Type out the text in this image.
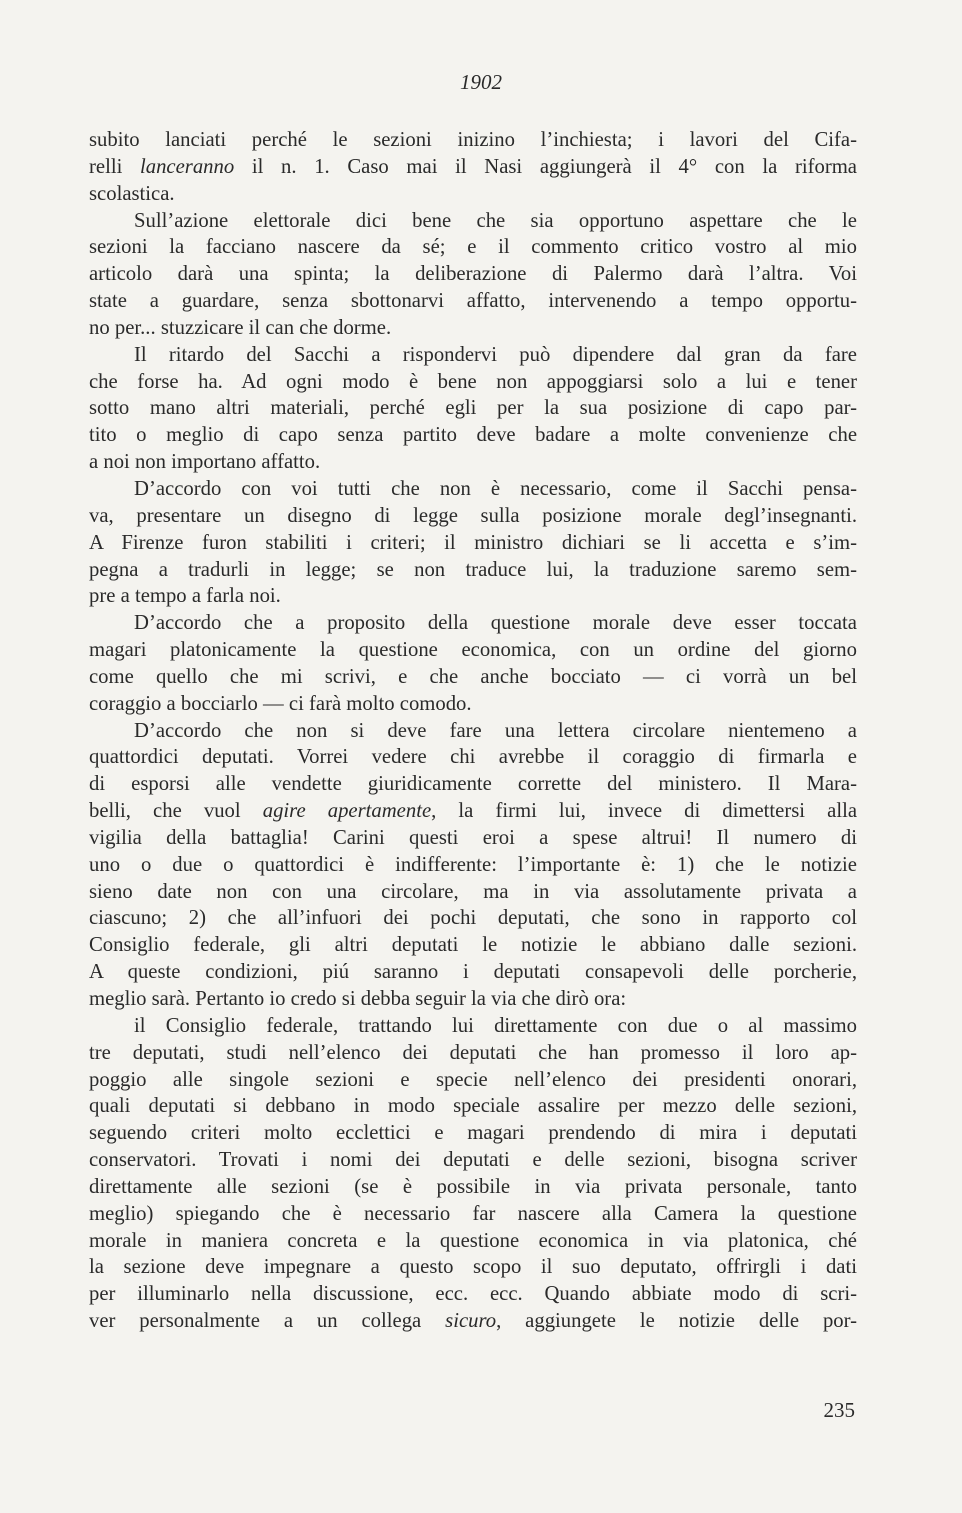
1902
subito lanciati perché le sezioni inizino l’inchiesta; i lavori del Cifa-
relli lanceranno il n. 1. Caso mai il Nasi aggiungerà il 4° con la riforma
scolastica.
Sull’azione elettorale dici bene che sia opportuno aspettare che le
sezioni la facciano nascere da sé; e il commento critico vostro al mio
articolo darà una spinta; la deliberazione di Palermo darà l’altra. Voi
state a guardare, senza sbottonarvi affatto, intervenendo a tempo opportu-
no per... stuzzicare il can che dorme.
Il ritardo del Sacchi a rispondervi può dipendere dal gran da fare
che forse ha. Ad ogni modo è bene non appoggiarsi solo a lui e tener
sotto mano altri materiali, perché egli per la sua posizione di capo par-
tito o meglio di capo senza partito deve badare a molte convenienze che
a noi non importano affatto.
D’accordo con voi tutti che non è necessario, come il Sacchi pensa-
va, presentare un disegno di legge sulla posizione morale degl’insegnanti.
A Firenze furon stabiliti i criteri; il ministro dichiari se li accetta e s’im-
pegna a tradurli in legge; se non traduce lui, la traduzione saremo sem-
pre a tempo a farla noi.
D’accordo che a proposito della questione morale deve esser toccata
magari platonicamente la questione economica, con un ordine del giorno
come quello che mi scrivi, e che anche bocciato — ci vorrà un bel
coraggio a bocciarlo — ci farà molto comodo.
D’accordo che non si deve fare una lettera circolare nientemeno a
quattordici deputati. Vorrei vedere chi avrebbe il coraggio di firmarla e
di esporsi alle vendette giuridicamente corrette del ministero. Il Mara-
belli, che vuol agire apertamente, la firmi lui, invece di dimettersi alla
vigilia della battaglia! Carini questi eroi a spese altrui! Il numero di
uno o due o quattordici è indifferente: l’importante è: 1) che le notizie
sieno date non con una circolare, ma in via assolutamente privata a
ciascuno; 2) che all’infuori dei pochi deputati, che sono in rapporto col
Consiglio federale, gli altri deputati le notizie le abbiano dalle sezioni.
A queste condizioni, piú saranno i deputati consapevoli delle porcherie,
meglio sarà. Pertanto io credo si debba seguir la via che dirò ora:
il Consiglio federale, trattando lui direttamente con due o al massimo
tre deputati, studi nell’elenco dei deputati che han promesso il loro ap-
poggio alle singole sezioni e specie nell’elenco dei presidenti onorari,
quali deputati si debbano in modo speciale assalire per mezzo delle sezioni,
seguendo criteri molto ecclettici e magari prendendo di mira i deputati
conservatori. Trovati i nomi dei deputati e delle sezioni, bisogna scriver
direttamente alle sezioni (se è possibile in via privata personale, tanto
meglio) spiegando che è necessario far nascere alla Camera la questione
morale in maniera concreta e la questione economica in via platonica, ché
la sezione deve impegnare a questo scopo il suo deputato, offrirgli i dati
per illuminarlo nella discussione, ecc. ecc. Quando abbiate modo di scri-
ver personalmente a un collega sicuro, aggiungete le notizie delle por-
235
